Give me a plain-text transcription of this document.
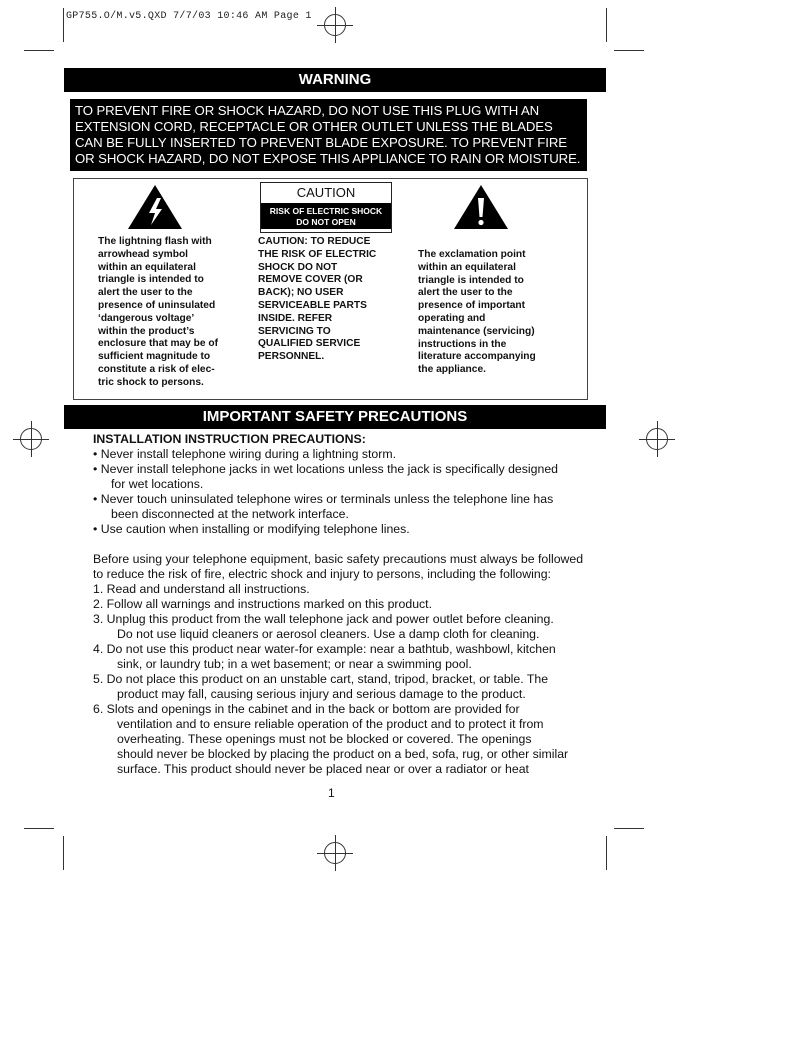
GP755.O/M.v5.QXD 7/7/03 10:46 AM Page 1
WARNING
TO PREVENT FIRE OR SHOCK HAZARD, DO NOT USE THIS PLUG WITH AN
EXTENSION CORD, RECEPTACLE OR OTHER OUTLET UNLESS THE BLADES
CAN BE FULLY INSERTED TO PREVENT BLADE EXPOSURE. TO PREVENT FIRE
OR SHOCK HAZARD, DO NOT EXPOSE THIS APPLIANCE TO RAIN OR MOISTURE.
CAUTION
RISK OF ELECTRIC SHOCK
DO NOT OPEN
The lightning flash with
arrowhead symbol
within an equilateral
triangle is intended to
alert the user to the
presence of uninsulated
‘dangerous voltage’
within the product’s
enclosure that may be of
sufficient magnitude to
constitute a risk of elec-
tric shock to persons.
CAUTION: TO REDUCE
THE RISK OF ELECTRIC
SHOCK DO NOT
REMOVE COVER (OR
BACK); NO USER
SERVICEABLE PARTS
INSIDE. REFER
SERVICING TO
QUALIFIED SERVICE
PERSONNEL.
The exclamation point
within an equilateral
triangle is intended to
alert the user to the
presence of important
operating and
maintenance (servicing)
instructions in the
literature accompanying
the appliance.
IMPORTANT SAFETY PRECAUTIONS
INSTALLATION INSTRUCTION PRECAUTIONS:
• Never install telephone wiring during a lightning storm.
• Never install telephone jacks in wet locations unless the jack is specifically designed
for wet locations.
• Never touch uninsulated telephone wires or terminals unless the telephone line has
been disconnected at the network interface.
• Use caution when installing or modifying telephone lines.
Before using your telephone equipment, basic safety precautions must always be followed
to reduce the risk of fire, electric shock and injury to persons, including the following:
1. Read and understand all instructions.
2. Follow all warnings and instructions marked on this product.
3. Unplug this product from the wall telephone jack and power outlet before cleaning.
Do not use liquid cleaners or aerosol cleaners. Use a damp cloth for cleaning.
4. Do not use this product near water-for example: near a bathtub, washbowl, kitchen
sink, or laundry tub; in a wet basement; or near a swimming pool.
5. Do not place this product on an unstable cart, stand, tripod, bracket, or table. The
product may fall, causing serious injury and serious damage to the product.
6. Slots and openings in the cabinet and in the back or bottom are provided for
ventilation and to ensure reliable operation of the product and to protect it from
overheating. These openings must not be blocked or covered. The openings
should never be blocked by placing the product on a bed, sofa, rug, or other similar
surface. This product should never be placed near or over a radiator or heat
1
